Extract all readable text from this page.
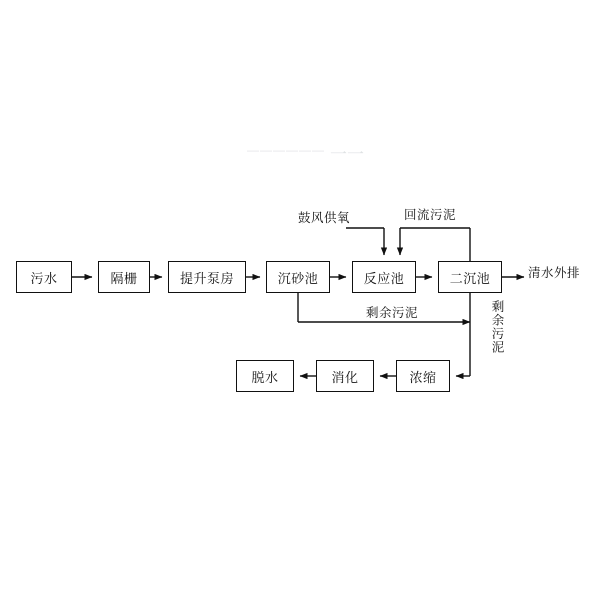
污水	隔栅	提升泵房	沉砂池	反应池	二沉池
浓缩
消化
脱水
鼓风供氧	回流污泥
清水外排
剩余污泥	剩余污泥
—————— 一一
